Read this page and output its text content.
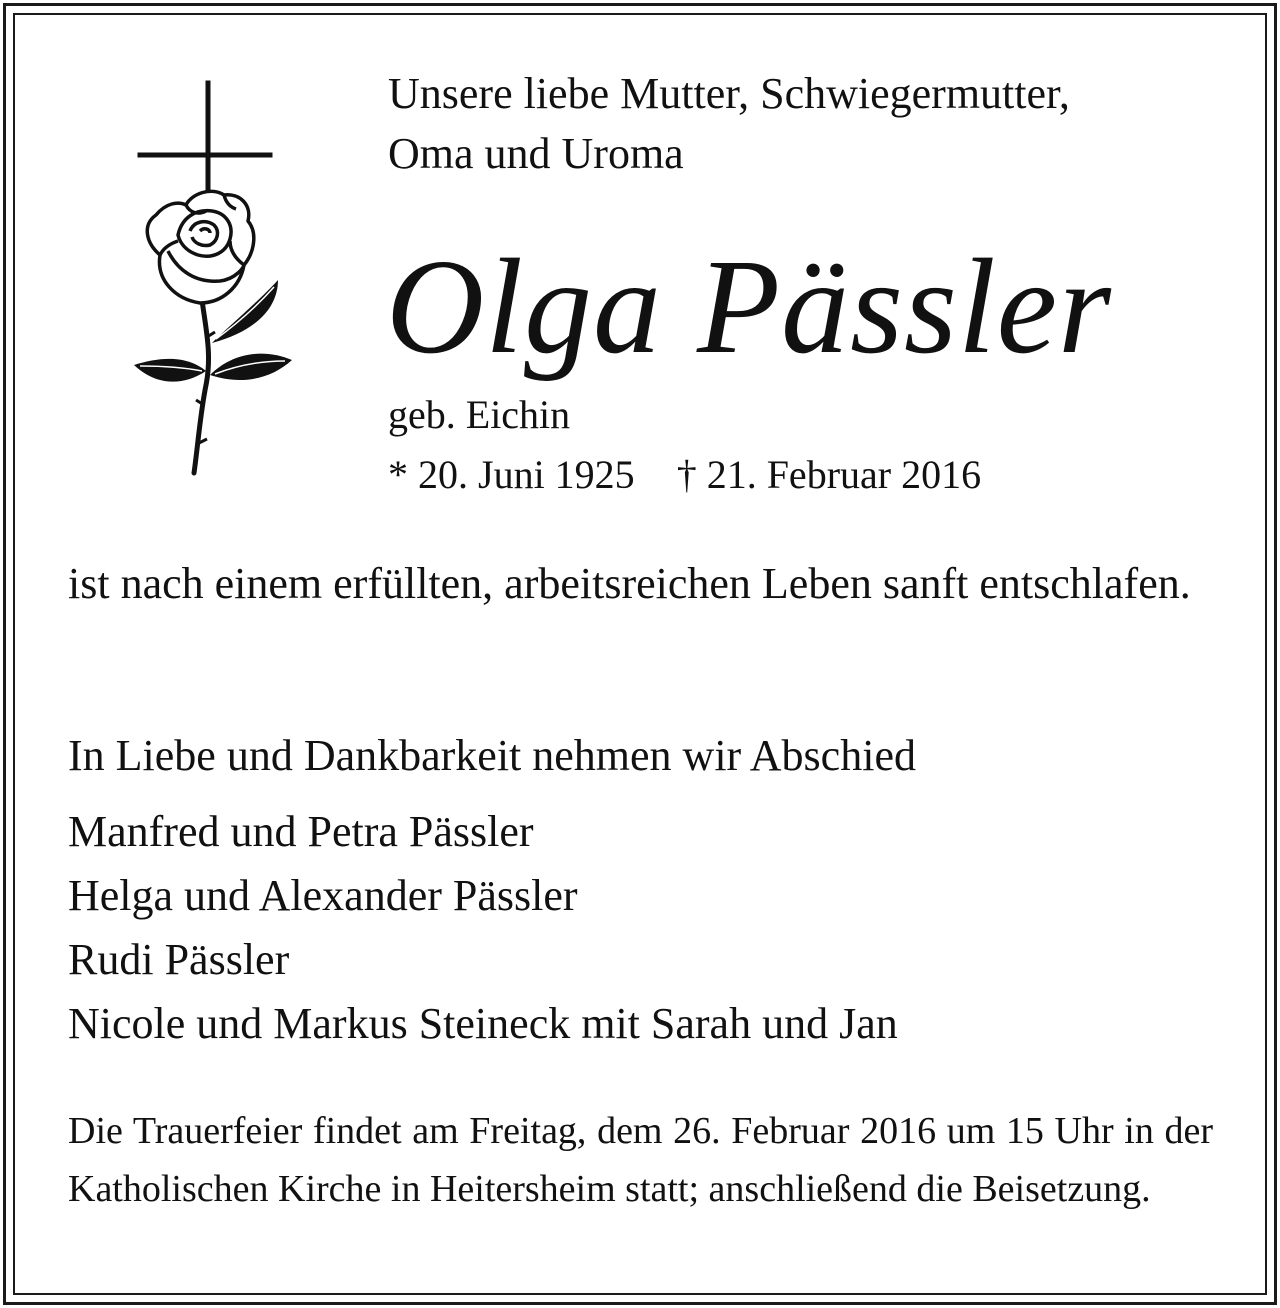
Unsere liebe Mutter, Schwiegermutter,
Oma und Uroma
Olga Pässler
geb. Eichin
* 20. Juni 1925 † 21. Februar 2016
ist nach einem erfüllten, arbeitsreichen Leben sanft entschlafen.
In Liebe und Dankbarkeit nehmen wir Abschied
Manfred und Petra Pässler
Helga und Alexander Pässler
Rudi Pässler
Nicole und Markus Steineck mit Sarah und Jan
Die Trauerfeier findet am Freitag, dem 26. Februar 2016 um 15 Uhr in der Katholischen Kirche in Heitersheim statt; anschließend die Beisetzung.
